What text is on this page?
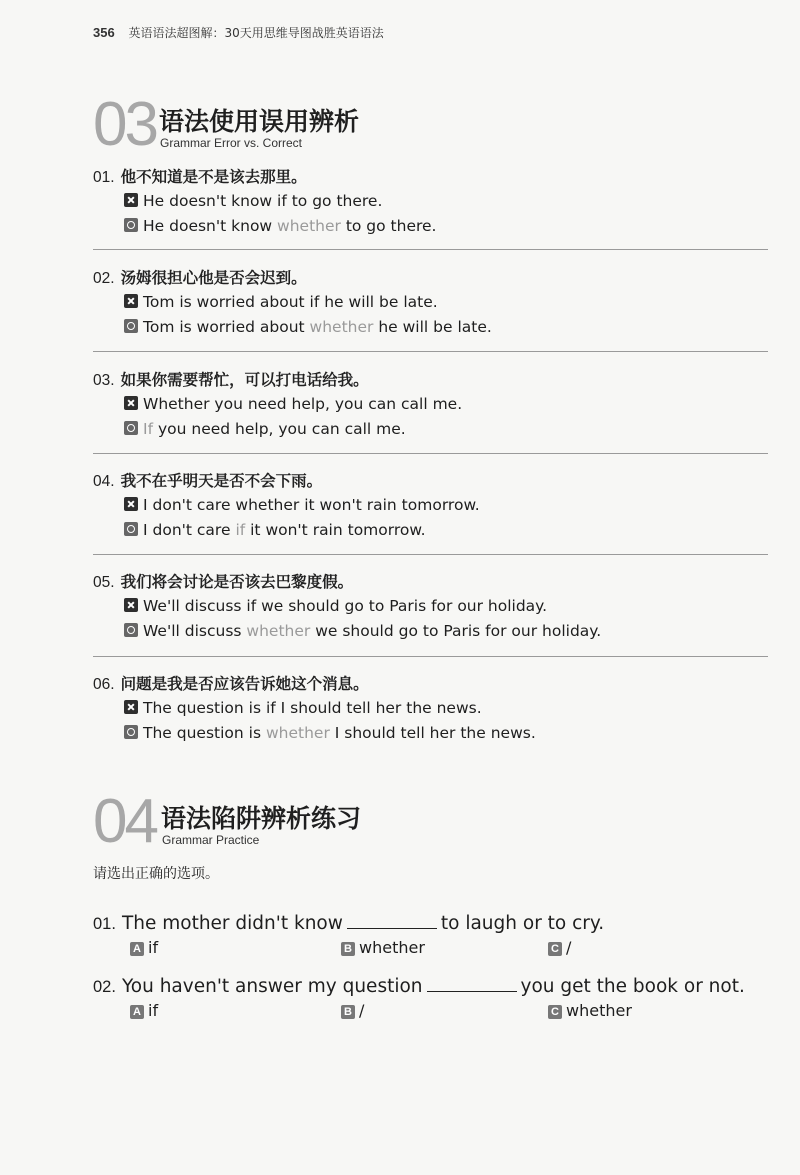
356 英语语法超图解：30天用思维导图战胜英语语法
03 语法使用误用辨析
Grammar Error vs. Correct
01. 他不知道是不是该去那里。
He doesn't know if to go there.
He doesn't know whether to go there.
02. 汤姆很担心他是否会迟到。
Tom is worried about if he will be late.
Tom is worried about whether he will be late.
03. 如果你需要帮忙，可以打电话给我。
Whether you need help, you can call me.
If you need help, you can call me.
04. 我不在乎明天是否不会下雨。
I don't care whether it won't rain tomorrow.
I don't care if it won't rain tomorrow.
05. 我们将会讨论是否该去巴黎度假。
We'll discuss if we should go to Paris for our holiday.
We'll discuss whether we should go to Paris for our holiday.
06. 问题是我是否应该告诉她这个消息。
The question is if I should tell her the news.
The question is whether I should tell her the news.
04 语法陷阱辨析练习
Grammar Practice
请选出正确的选项。
01. The mother didn't know	to laugh or to cry.
A if	B whether	C /
02. You haven't answer my question	you get the book or not.
A if	B /	C whether
